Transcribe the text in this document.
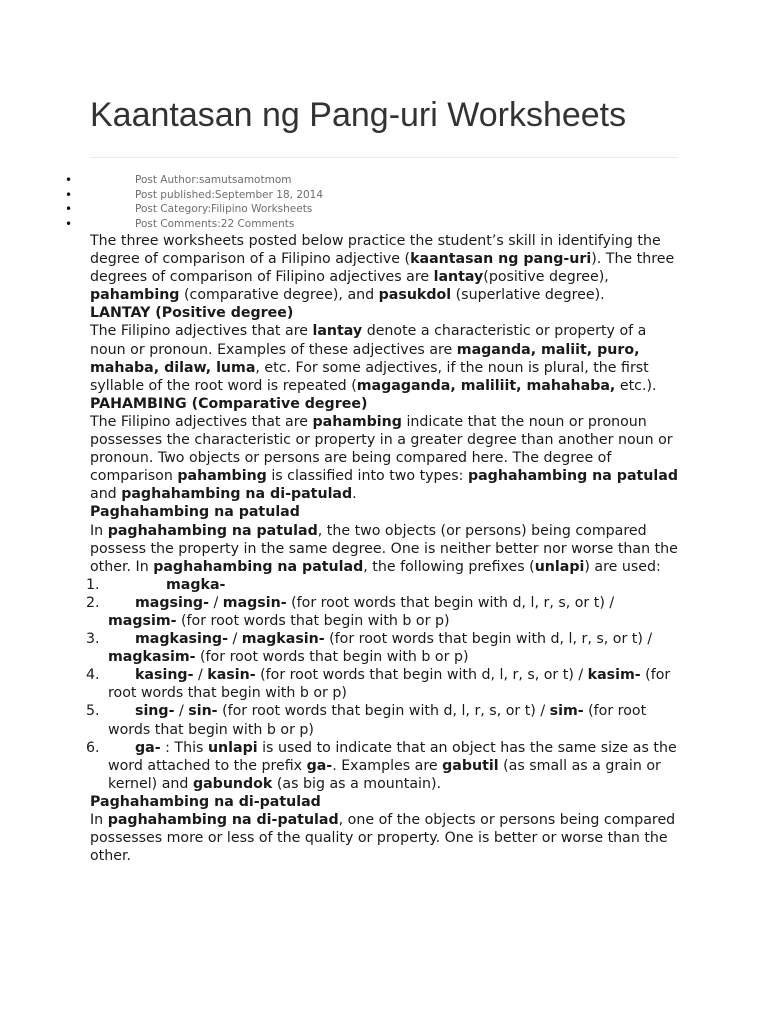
Kaantasan ng Pang-uri Worksheets
• Post Author:samutsamotmom
• Post published:September 18, 2014
• Post Category:Filipino Worksheets
• Post Comments:22 Comments

The three worksheets posted below practice the student’s skill in identifying the degree of comparison of a Filipino adjective (kaantasan ng pang-uri). The three degrees of comparison of Filipino adjectives are lantay(positive degree), pahambing (comparative degree), and pasukdol (superlative degree).

LANTAY (Positive degree)

The Filipino adjectives that are lantay denote a characteristic or property of a noun or pronoun. Examples of these adjectives are maganda, maliit, puro, mahaba, dilaw, luma, etc. For some adjectives, if the noun is plural, the first syllable of the root word is repeated (magaganda, maliliit, mahahaba, etc.).

PAHAMBING (Comparative degree)

The Filipino adjectives that are pahambing indicate that the noun or pronoun possesses the characteristic or property in a greater degree than another noun or pronoun. Two objects or persons are being compared here. The degree of comparison pahambing is classified into two types: paghahambing na patulad and paghahambing na di-patulad.

Paghahambing na patulad

In paghahambing na patulad, the two objects (or persons) being compared possess the property in the same degree. One is neither better nor worse than the other. In paghahambing na patulad, the following prefixes (unlapi) are used:

1.	magka-
2. magsing- / magsin- (for root words that begin with d, l, r, s, or t) / magsim- (for root words that begin with b or p)
3. magkasing- / magkasin- (for root words that begin with d, l, r, s, or t) / magkasim- (for root words that begin with b or p)
4. kasing- / kasin- (for root words that begin with d, l, r, s, or t) / kasim- (for root words that begin with b or p)
5. sing- / sin- (for root words that begin with d, l, r, s, or t) / sim- (for root words that begin with b or p)
6. ga- : This unlapi is used to indicate that an object has the same size as the word attached to the prefix ga-. Examples are gabutil (as small as a grain or kernel) and gabundok (as big as a mountain).

Paghahambing na di-patulad

In paghahambing na di-patulad, one of the objects or persons being compared possesses more or less of the quality or property. One is better or worse than the other.
